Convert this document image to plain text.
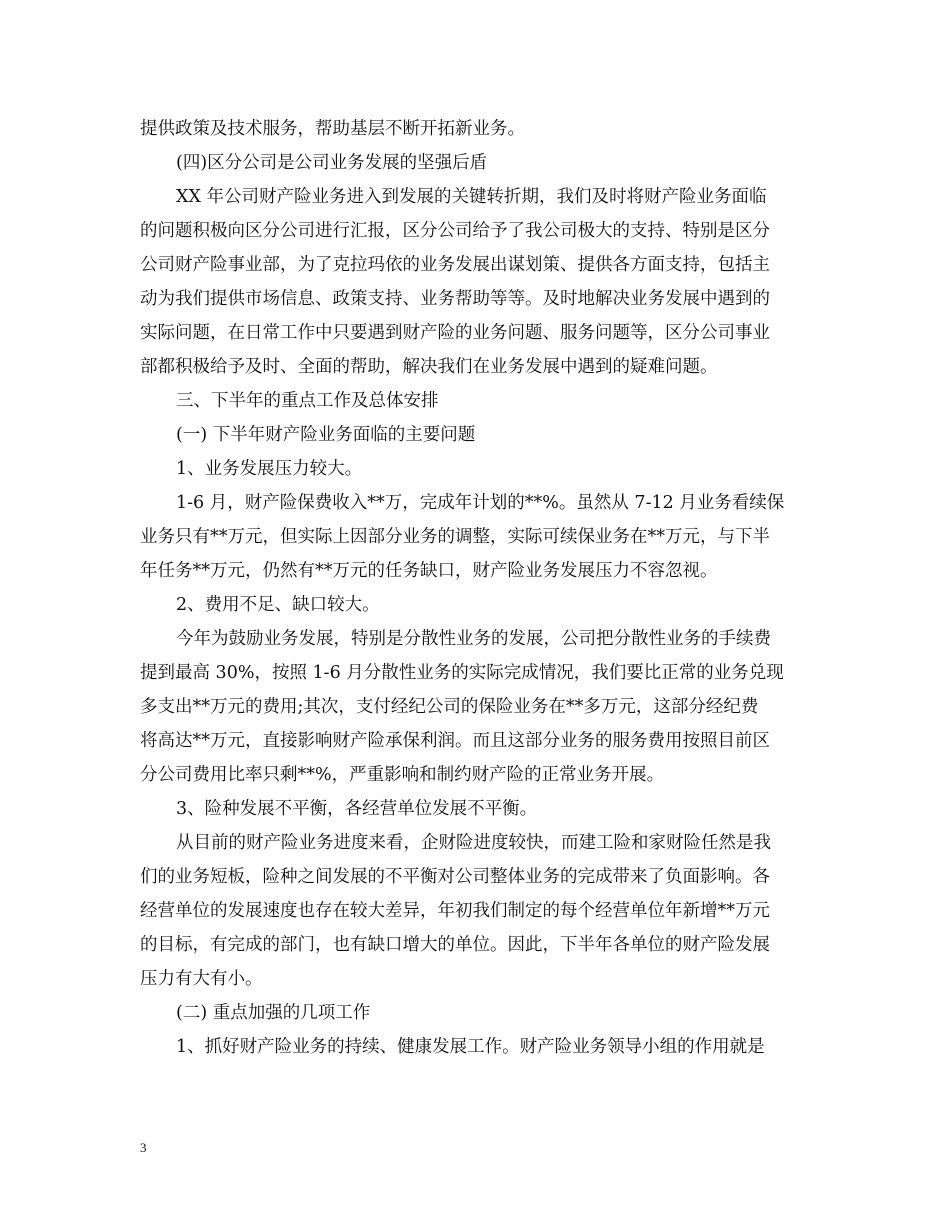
提供政策及技术服务，帮助基层不断开拓新业务。
(四)区分公司是公司业务发展的坚强后盾
XX 年公司财产险业务进入到发展的关键转折期，我们及时将财产险业务面临
的问题积极向区分公司进行汇报，区分公司给予了我公司极大的支持、特别是区分
公司财产险事业部，为了克拉玛依的业务发展出谋划策、提供各方面支持，包括主
动为我们提供市场信息、政策支持、业务帮助等等。及时地解决业务发展中遇到的
实际问题，在日常工作中只要遇到财产险的业务问题、服务问题等，区分公司事业
部都积极给予及时、全面的帮助，解决我们在业务发展中遇到的疑难问题。
三、下半年的重点工作及总体安排
(一) 下半年财产险业务面临的主要问题
1、业务发展压力较大。
1-6 月，财产险保费收入**万，完成年计划的**%。虽然从 7-12 月业务看续保
业务只有**万元，但实际上因部分业务的调整，实际可续保业务在**万元，与下半
年任务**万元，仍然有**万元的任务缺口，财产险业务发展压力不容忽视。
2、费用不足、缺口较大。
今年为鼓励业务发展，特别是分散性业务的发展，公司把分散性业务的手续费
提到最高 30%，按照 1-6 月分散性业务的实际完成情况，我们要比正常的业务兑现
多支出**万元的费用;其次，支付经纪公司的保险业务在**多万元，这部分经纪费
将高达**万元，直接影响财产险承保利润。而且这部分业务的服务费用按照目前区
分公司费用比率只剩**%，严重影响和制约财产险的正常业务开展。
3、险种发展不平衡，各经营单位发展不平衡。
从目前的财产险业务进度来看，企财险进度较快，而建工险和家财险任然是我
们的业务短板，险种之间发展的不平衡对公司整体业务的完成带来了负面影响。各
经营单位的发展速度也存在较大差异，年初我们制定的每个经营单位年新增**万元
的目标，有完成的部门，也有缺口增大的单位。因此，下半年各单位的财产险发展
压力有大有小。
(二) 重点加强的几项工作
1、抓好财产险业务的持续、健康发展工作。财产险业务领导小组的作用就是
3
